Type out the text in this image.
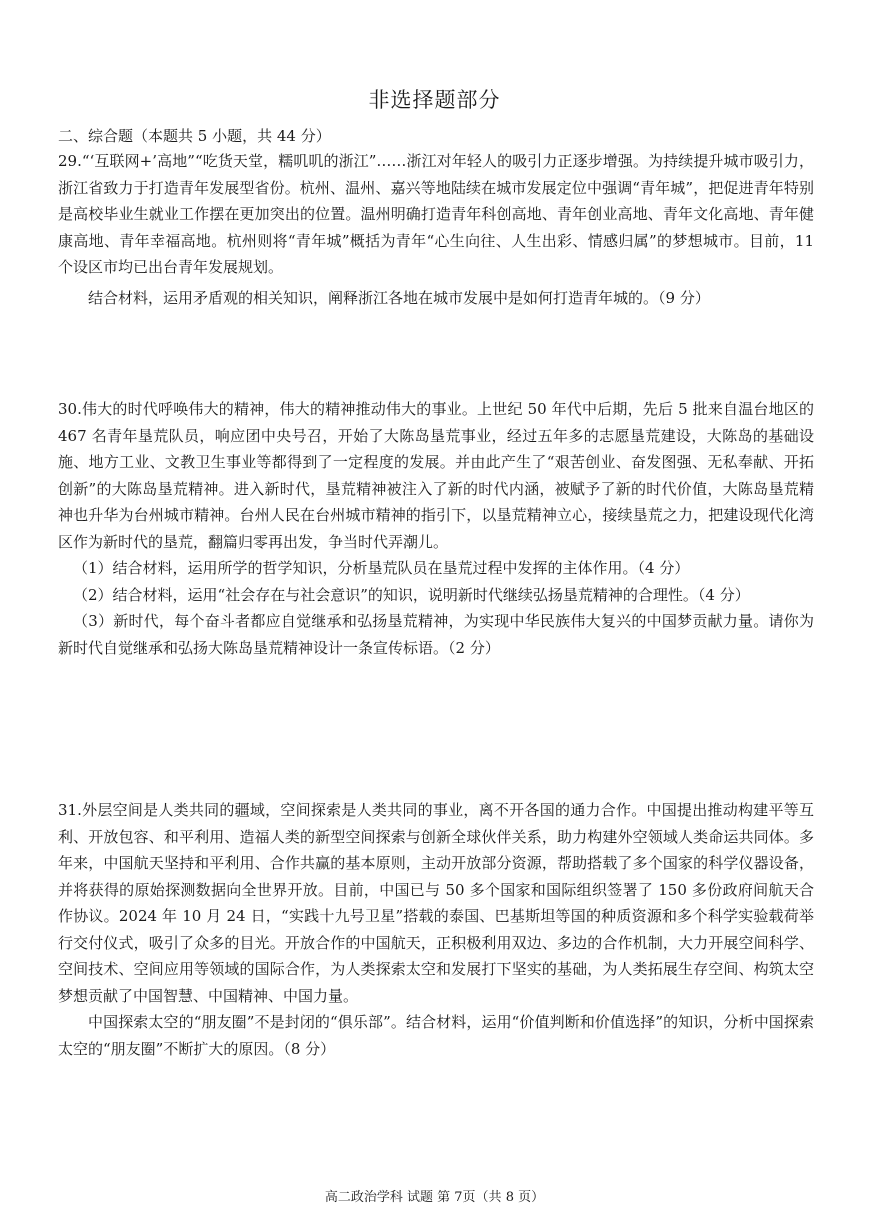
非选择题部分
二、综合题（本题共 5 小题，共 44 分）

29.“‘互联网+’高地”“吃货天堂，糯叽叽的浙江”……浙江对年轻人的吸引力正逐步增强。为持续提升城市吸引力，浙江省致力于打造青年发展型省份。杭州、温州、嘉兴等地陆续在城市发展定位中强调“青年城”，把促进青年特别是高校毕业生就业工作摆在更加突出的位置。温州明确打造青年科创高地、青年创业高地、青年文化高地、青年健康高地、青年幸福高地。杭州则将“青年城”概括为青年“心生向往、人生出彩、情感归属”的梦想城市。目前，11 个设区市均已出台青年发展规划。

结合材料，运用矛盾观的相关知识，阐释浙江各地在城市发展中是如何打造青年城的。（9 分）

30.伟大的时代呼唤伟大的精神，伟大的精神推动伟大的事业。上世纪 50 年代中后期，先后 5 批来自温台地区的 467 名青年垦荒队员，响应团中央号召，开始了大陈岛垦荒事业，经过五年多的志愿垦荒建设，大陈岛的基础设施、地方工业、文教卫生事业等都得到了一定程度的发展。并由此产生了“艰苦创业、奋发图强、无私奉献、开拓创新”的大陈岛垦荒精神。进入新时代，垦荒精神被注入了新的时代内涵，被赋予了新的时代价值，大陈岛垦荒精神也升华为台州城市精神。台州人民在台州城市精神的指引下，以垦荒精神立心，接续垦荒之力，把建设现代化湾区作为新时代的垦荒，翻篇归零再出发，争当时代弄潮儿。

（1）结合材料，运用所学的哲学知识，分析垦荒队员在垦荒过程中发挥的主体作用。（4 分）

（2）结合材料，运用“社会存在与社会意识”的知识，说明新时代继续弘扬垦荒精神的合理性。（4 分）

（3）新时代，每个奋斗者都应自觉继承和弘扬垦荒精神，为实现中华民族伟大复兴的中国梦贡献力量。请你为新时代自觉继承和弘扬大陈岛垦荒精神设计一条宣传标语。（2 分）

31.外层空间是人类共同的疆域，空间探索是人类共同的事业，离不开各国的通力合作。中国提出推动构建平等互利、开放包容、和平利用、造福人类的新型空间探索与创新全球伙伴关系，助力构建外空领域人类命运共同体。多年来，中国航天坚持和平利用、合作共赢的基本原则，主动开放部分资源，帮助搭载了多个国家的科学仪器设备，并将获得的原始探测数据向全世界开放。目前，中国已与 50 多个国家和国际组织签署了 150 多份政府间航天合作协议。2024 年 10 月 24 日，“实践十九号卫星”搭载的泰国、巴基斯坦等国的种质资源和多个科学实验载荷举行交付仪式，吸引了众多的目光。开放合作的中国航天，正积极利用双边、多边的合作机制，大力开展空间科学、空间技术、空间应用等领域的国际合作，为人类探索太空和发展打下坚实的基础，为人类拓展生存空间、构筑太空梦想贡献了中国智慧、中国精神、中国力量。

中国探索太空的“朋友圈”不是封闭的“俱乐部”。结合材料，运用“价值判断和价值选择”的知识，分析中国探索太空的“朋友圈”不断扩大的原因。（8 分）

高二政治学科 试题 第 7页（共 8 页）
